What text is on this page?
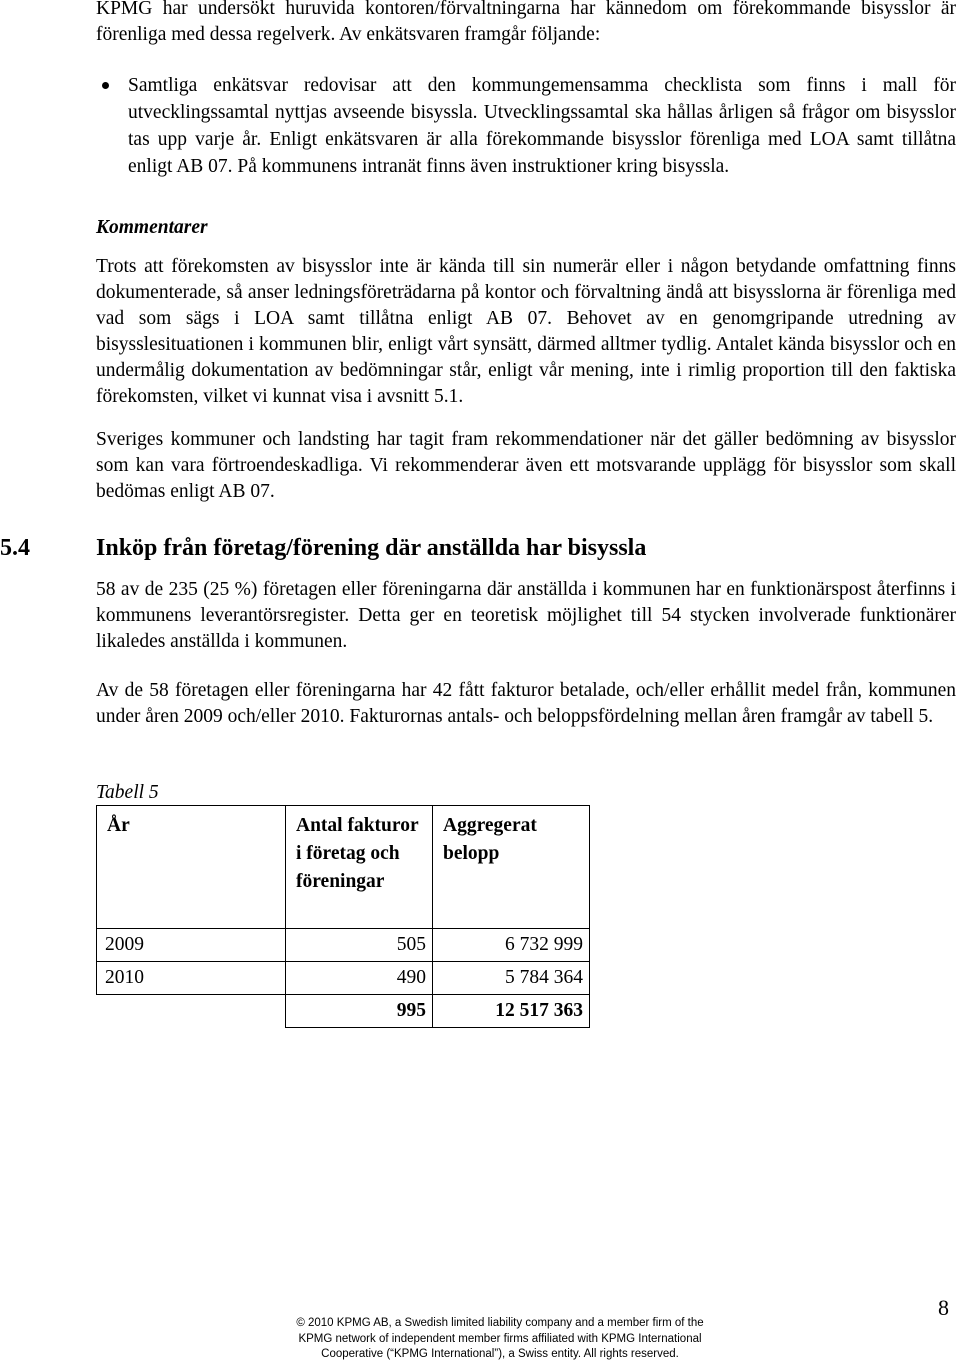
KPMG har undersökt huruvida kontoren/förvaltningarna har kännedom om förekommande bisysslor är förenliga med dessa regelverk. Av enkätsvaren framgår följande:
Samtliga enkätsvar redovisar att den kommungemensamma checklista som finns i mall för utvecklingssamtal nyttjas avseende bisyssla. Utvecklingssamtal ska hållas årligen så frågor om bisysslor tas upp varje år. Enligt enkätsvaren är alla förekommande bisysslor förenliga med LOA samt tillåtna enligt AB 07. På kommunens intranät finns även instruktioner kring bisyssla.
Kommentarer
Trots att förekomsten av bisysslor inte är kända till sin numerär eller i någon betydande omfattning finns dokumenterade, så anser ledningsföreträdarna på kontor och förvaltning ändå att bisysslorna är förenliga med vad som sägs i LOA samt tillåtna enligt AB 07. Behovet av en genomgripande utredning av bisysslesituationen i kommunen blir, enligt vårt synsätt, därmed alltmer tydlig. Antalet kända bisysslor och en undermålig dokumentation av bedömningar står, enligt vår mening, inte i rimlig proportion till den faktiska förekomsten, vilket vi kunnat visa i avsnitt 5.1.
Sveriges kommuner och landsting har tagit fram rekommendationer när det gäller bedömning av bisysslor som kan vara förtroendeskadliga. Vi rekommenderar även ett motsvarande upplägg för bisysslor som skall bedömas enligt AB 07.
5.4	Inköp från företag/förening där anställda har bisyssla
58 av de 235 (25 %) företagen eller föreningarna där anställda i kommunen har en funktionärspost återfinns i kommunens leverantörsregister. Detta ger en teoretisk möjlighet till 54 stycken involverade funktionärer likaledes anställda i kommunen.
Av de 58 företagen eller föreningarna har 42 fått fakturor betalade, och/eller erhållit medel från, kommunen under åren 2009 och/eller 2010. Fakturornas antals- och beloppsfördelning mellan åren framgår av tabell 5.
Tabell 5
År	Antal fakturor i företag och föreningar	Aggregerat belopp
2009	505	6 732 999
2010	490	5 784 364
	995	12 517 363
8
© 2010 KPMG AB, a Swedish limited liability company and a member firm of the
KPMG network of independent member firms affiliated with KPMG International
Cooperative (“KPMG International”), a Swiss entity. All rights reserved.
